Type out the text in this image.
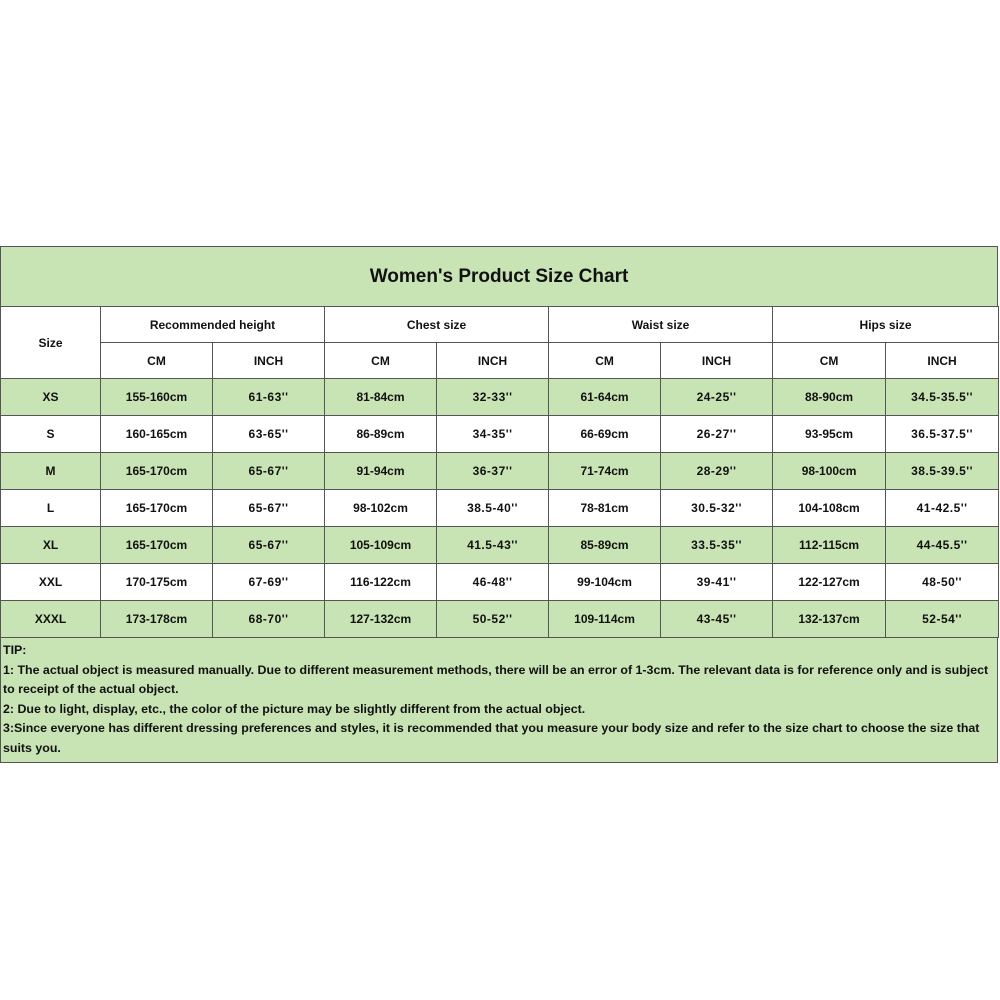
Women's Product Size Chart
Size	Recommended height		Chest size		Waist size		Hips size	
	CM	INCH	CM	INCH	CM	INCH	CM	INCH
XS	155-160cm	61-63''	81-84cm	32-33''	61-64cm	24-25''	88-90cm	34.5-35.5''
S	160-165cm	63-65''	86-89cm	34-35''	66-69cm	26-27''	93-95cm	36.5-37.5''
M	165-170cm	65-67''	91-94cm	36-37''	71-74cm	28-29''	98-100cm	38.5-39.5''
L	165-170cm	65-67''	98-102cm	38.5-40''	78-81cm	30.5-32''	104-108cm	41-42.5''
XL	165-170cm	65-67''	105-109cm	41.5-43''	85-89cm	33.5-35''	112-115cm	44-45.5''
XXL	170-175cm	67-69''	116-122cm	46-48''	99-104cm	39-41''	122-127cm	48-50''
XXXL	173-178cm	68-70''	127-132cm	50-52''	109-114cm	43-45''	132-137cm	52-54''
TIP:
1: The actual object is measured manually. Due to different measurement methods, there will be an error of 1-3cm. The relevant data is for reference only and is subject to receipt of the actual object.
2: Due to light, display, etc., the color of the picture may be slightly different from the actual object.
3:Since everyone has different dressing preferences and styles, it is recommended that you measure your body size and refer to the size chart to choose the size that suits you.
